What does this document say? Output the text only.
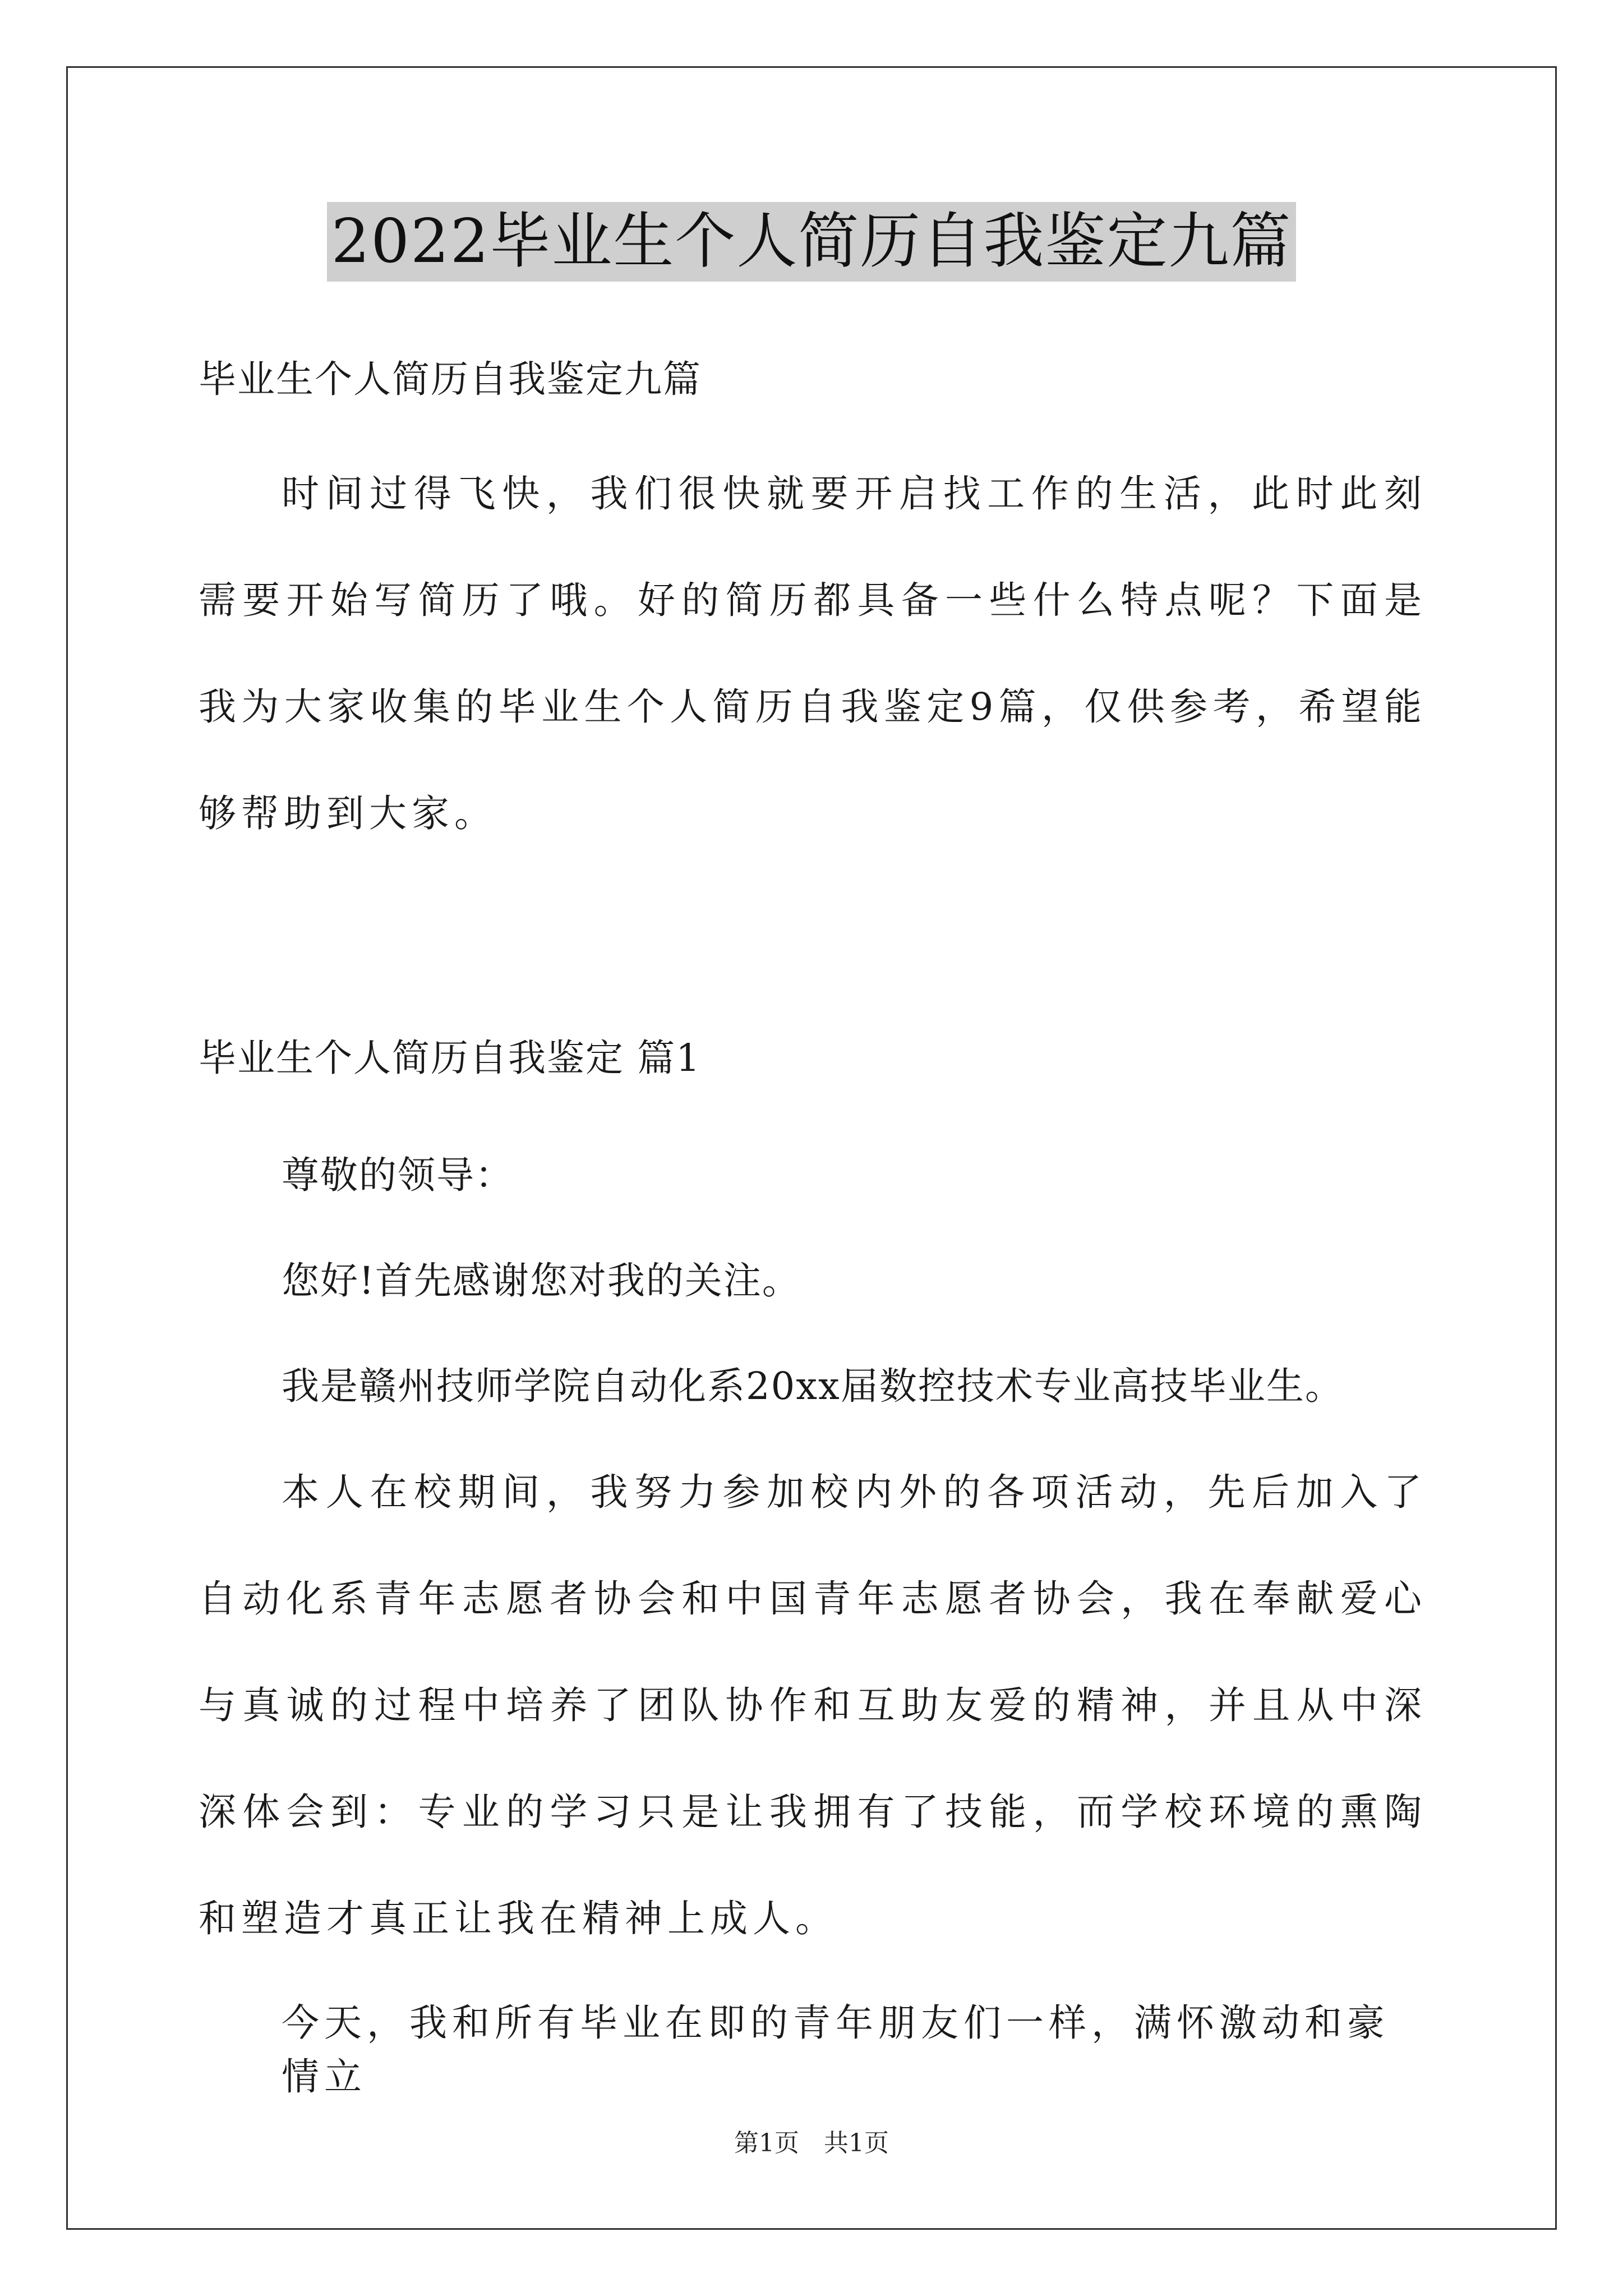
2022毕业生个人简历自我鉴定九篇

毕业生个人简历自我鉴定九篇

时间过得飞快，我们很快就要开启找工作的生活，此时此刻需要开始写简历了哦。好的简历都具备一些什么特点呢？下面是我为大家收集的毕业生个人简历自我鉴定9篇，仅供参考，希望能够帮助到大家。

毕业生个人简历自我鉴定 篇1

尊敬的领导：

您好!首先感谢您对我的关注。

我是赣州技师学院自动化系20xx届数控技术专业高技毕业生。

本人在校期间，我努力参加校内外的各项活动，先后加入了自动化系青年志愿者协会和中国青年志愿者协会，我在奉献爱心与真诚的过程中培养了团队协作和互助友爱的精神，并且从中深深体会到：专业的学习只是让我拥有了技能，而学校环境的熏陶和塑造才真正让我在精神上成人。

今天，我和所有毕业在即的青年朋友们一样，满怀激动和豪情立

第1页　共1页
